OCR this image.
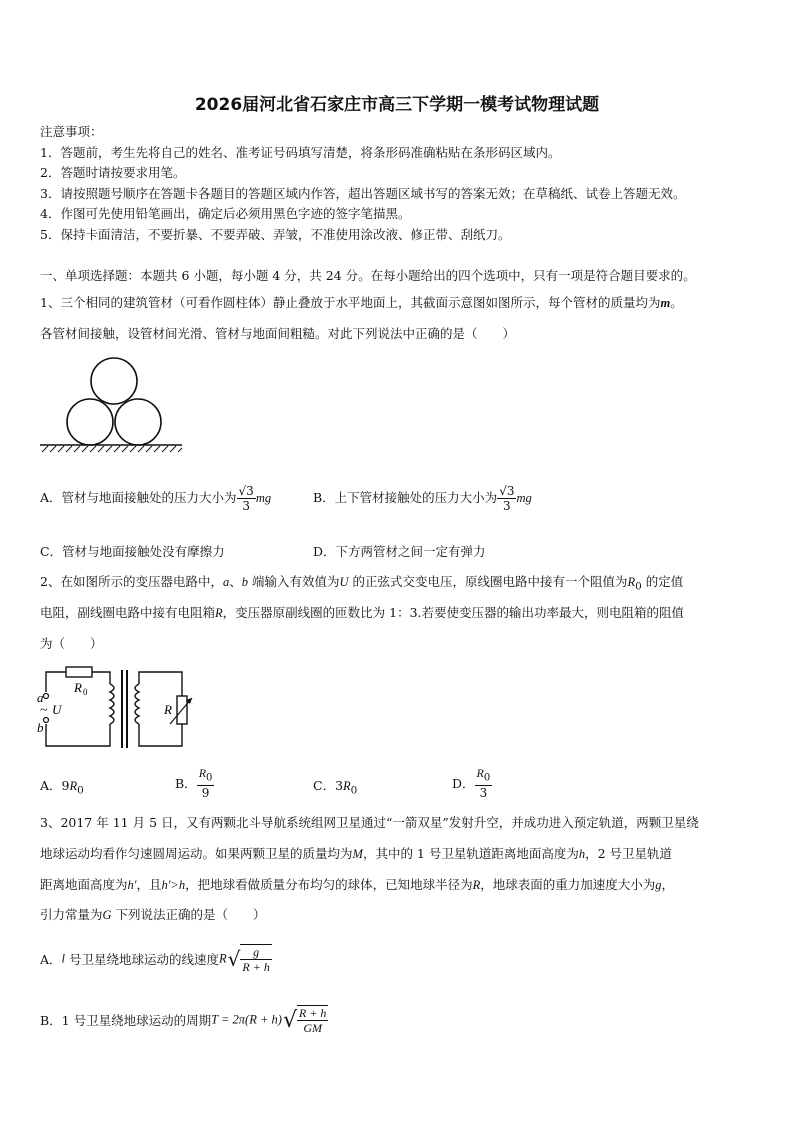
2026届河北省石家庄市高三下学期一模考试物理试题
注意事项：
1．答题前，考生先将自己的姓名、准考证号码填写清楚，将条形码准确粘贴在条形码区域内。
2．答题时请按要求用笔。
3．请按照题号顺序在答题卡各题目的答题区域内作答，超出答题区域书写的答案无效；在草稿纸、试卷上答题无效。
4．作图可先使用铅笔画出，确定后必须用黑色字迹的签字笔描黑。
5．保持卡面清洁，不要折暴、不要弄破、弄皱，不准使用涂改液、修正带、刮纸刀。
一、单项选择题：本题共 6 小题，每小题 4 分，共 24 分。在每小题给出的四个选项中，只有一项是符合题目要求的。
1、三个相同的建筑管材（可看作圆柱体）静止叠放于水平地面上，其截面示意图如图所示，每个管材的质量均为m。
各管材间接触，设管材间光滑、管材与地面间粗糙。对此下列说法中正确的是（　　）
A．管材与地面接触处的压力大小为 $\frac{√3}{3}$ mg	B．上下管材接触处的压力大小为 $\frac{√3}{3}$ mg
C．管材与地面接触处没有摩擦力	D．下方两管材之间一定有弹力
2、在如图所示的变压器电路中，a、b 端输入有效值为U 的正弦式交变电压，原线圈电路中接有一个阻值为$R_0$ 的定值
电阻，副线圈电路中接有电阻箱R，变压器原副线圈的匝数比为 1：3.若要使变压器的输出功率最大，则电阻箱的阻值
为（　　）
a
b
~ U
R 0
R
A．$9R_0$	B． $\frac{R_0}{9}$	C．$3R_0$	D． $\frac{R_0}{3}$
3、2017 年 11 月 5 日，又有两颗北斗导航系统组网卫星通过“一箭双星”发射升空，并成功进入预定轨道，两颗卫星绕
地球运动均看作匀速圆周运动。如果两颗卫星的质量均为M，其中的 1 号卫星轨道距离地面高度为h，2 号卫星轨道
距离地面高度为h'，且h'>h，把地球看做质量分布均匀的球体，已知地球半径为R，地球表面的重力加速度大小为g，
引力常量为G 下列说法正确的是（　　）
A．l 号卫星绕地球运动的线速度$R√ \frac{g}{R + h}$
B．1 号卫星绕地球运动的周期$T = 2\pi(R + h)√ \frac{R + h}{GM}$
